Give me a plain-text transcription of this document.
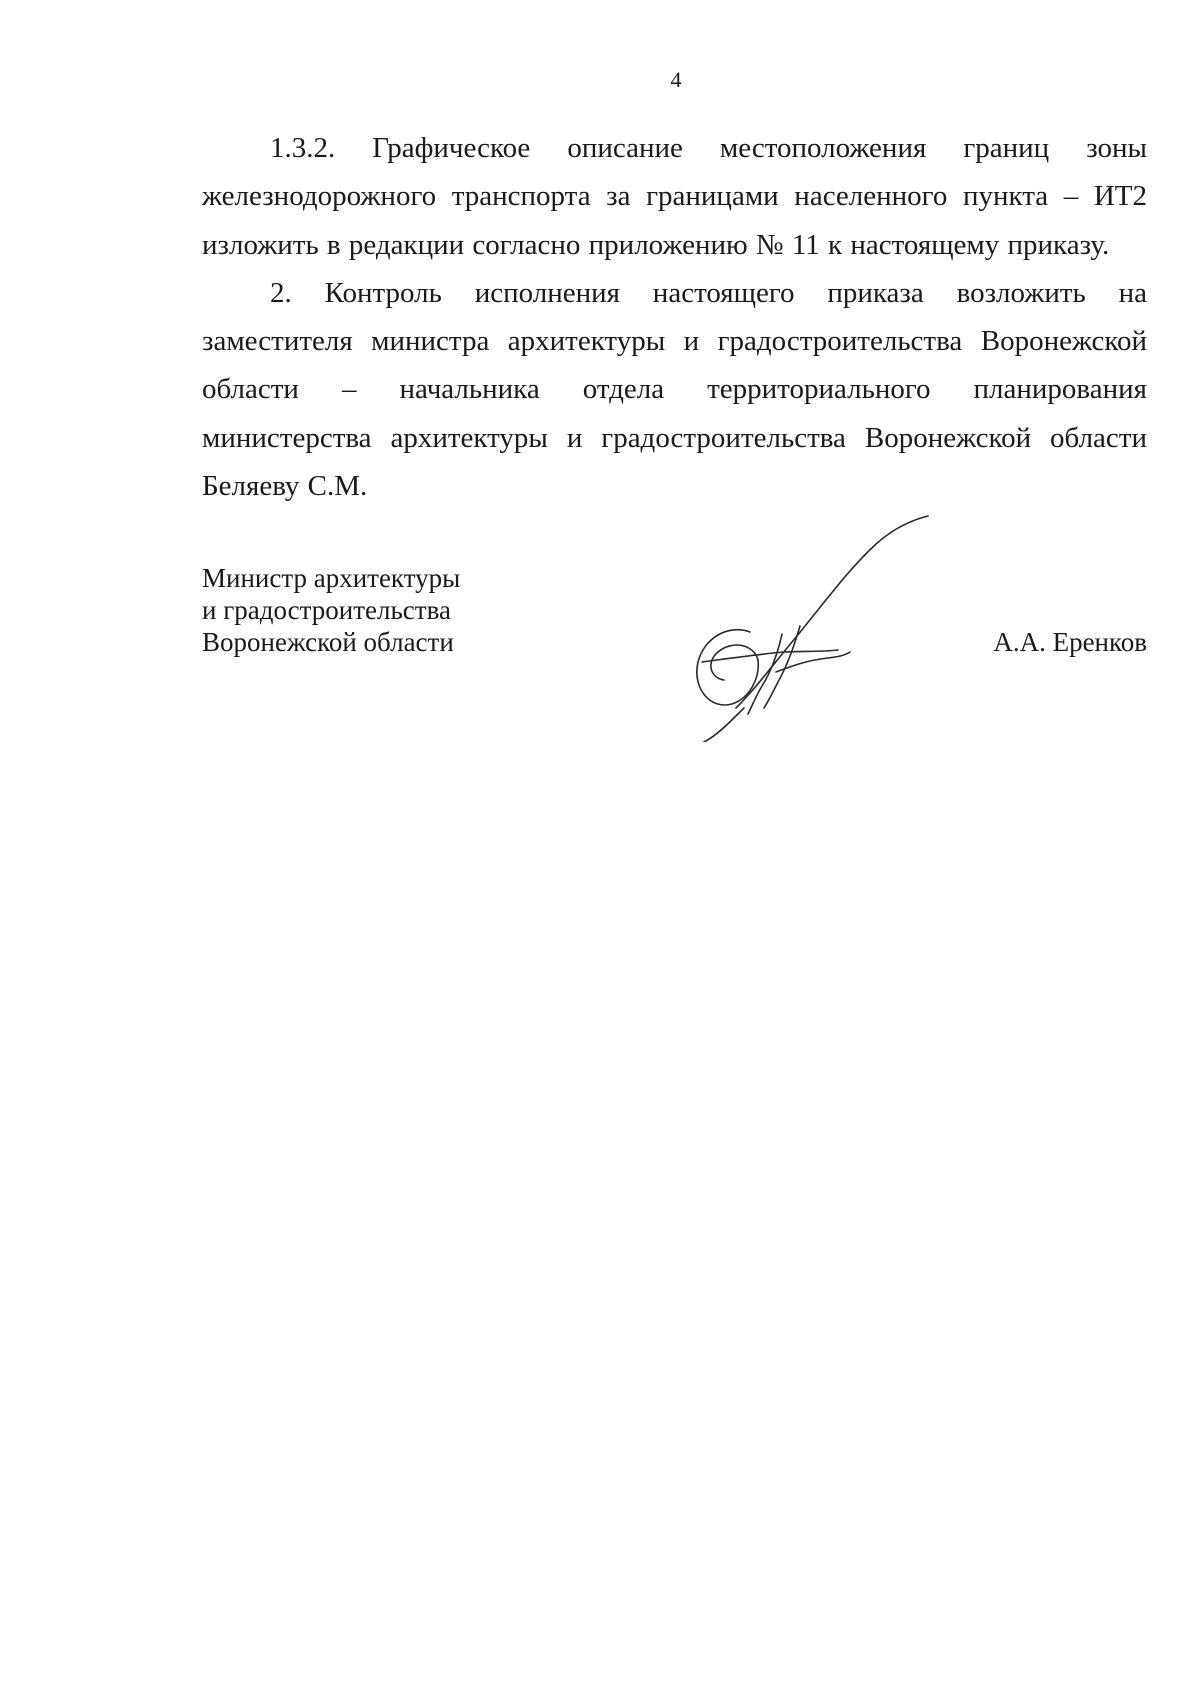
4

1.3.2. Графическое описание местоположения границ зоны железнодорожного транспорта за границами населенного пункта – ИТ2 изложить в редакции согласно приложению № 11 к настоящему приказу.

2. Контроль исполнения настоящего приказа возложить на заместителя министра архитектуры и градостроительства Воронежской области – начальника отдела территориального планирования министерства архитектуры и градостроительства Воронежской области Беляеву С.М.

Министр архитектуры
и градостроительства
Воронежской области	А.А. Еренков
